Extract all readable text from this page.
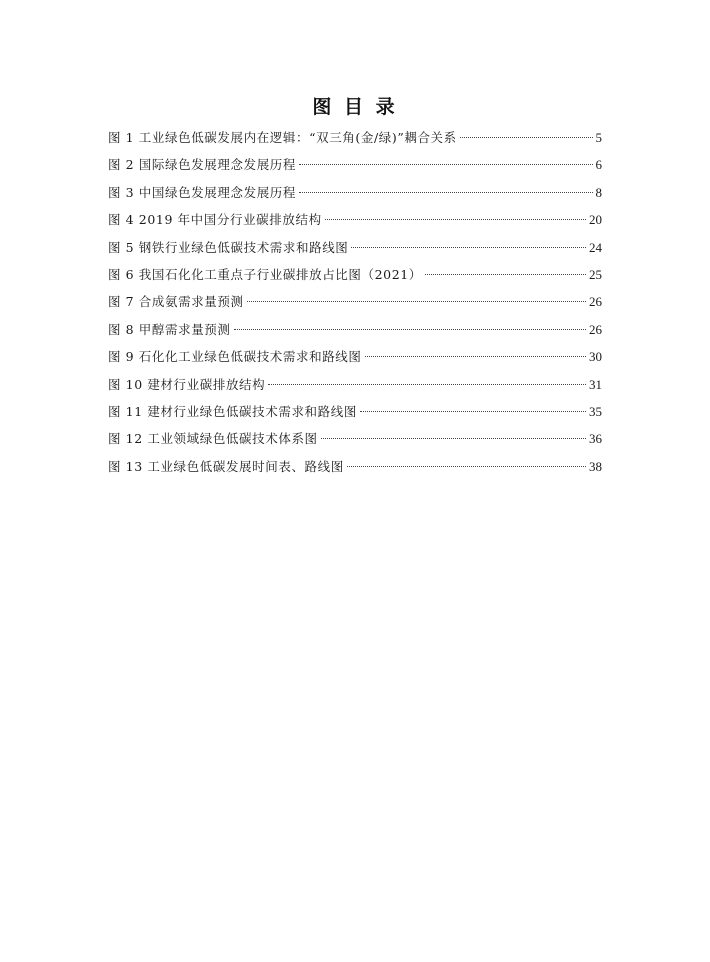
图 目 录
图 1 工业绿色低碳发展内在逻辑：“双三角(金/绿)”耦合关系	5
图 2 国际绿色发展理念发展历程	6
图 3 中国绿色发展理念发展历程	8
图 4 2019 年中国分行业碳排放结构	20
图 5 钢铁行业绿色低碳技术需求和路线图	24
图 6 我国石化化工重点子行业碳排放占比图（2021）	25
图 7 合成氨需求量预测	26
图 8 甲醇需求量预测	26
图 9 石化化工业绿色低碳技术需求和路线图	30
图 10 建材行业碳排放结构	31
图 11 建材行业绿色低碳技术需求和路线图	35
图 12 工业领域绿色低碳技术体系图	36
图 13 工业绿色低碳发展时间表、路线图	38
